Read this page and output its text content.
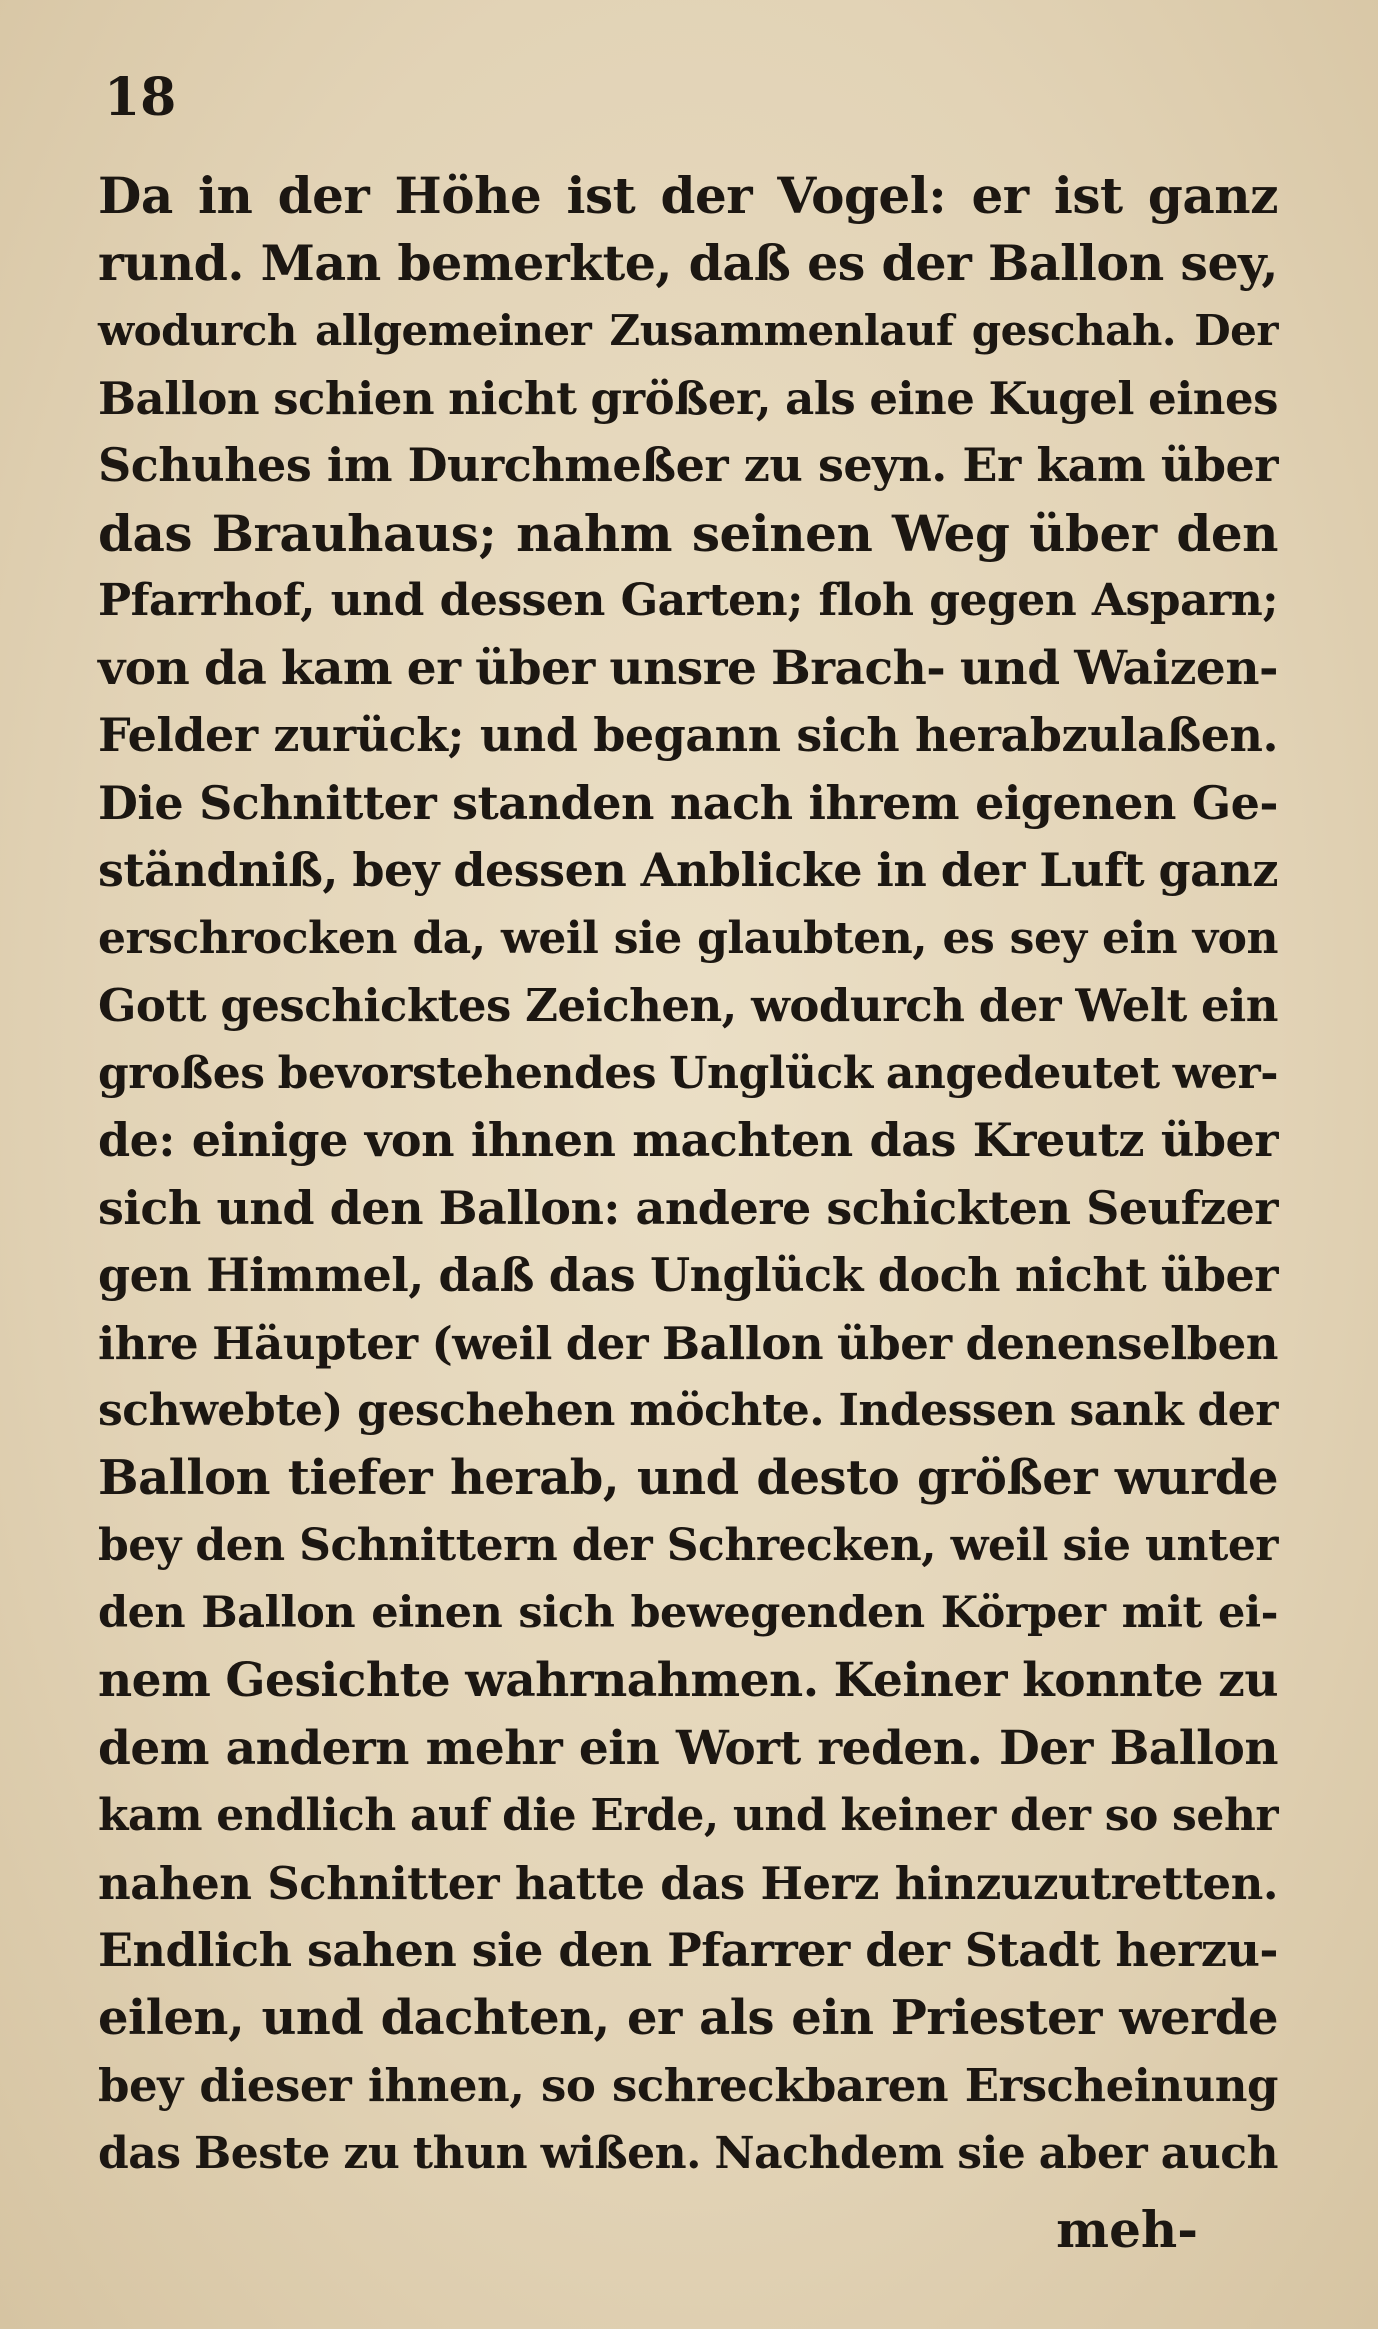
18
Da in der Höhe ist der Vogel: er ist ganz
rund. Man bemerkte, daß es der Ballon sey,
wodurch allgemeiner Zusammenlauf geschah. Der
Ballon schien nicht größer, als eine Kugel eines
Schuhes im Durchmeßer zu seyn. Er kam über
das Brauhaus; nahm seinen Weg über den
Pfarrhof, und dessen Garten; floh gegen Asparn;
von da kam er über unsre Brach- und Waizen-
Felder zurück; und begann sich herabzulaßen.
Die Schnitter standen nach ihrem eigenen Ge-
ständniß, bey dessen Anblicke in der Luft ganz
erschrocken da, weil sie glaubten, es sey ein von
Gott geschicktes Zeichen, wodurch der Welt ein
großes bevorstehendes Unglück angedeutet wer-
de: einige von ihnen machten das Kreutz über
sich und den Ballon: andere schickten Seufzer
gen Himmel, daß das Unglück doch nicht über
ihre Häupter (weil der Ballon über denenselben
schwebte) geschehen möchte. Indessen sank der
Ballon tiefer herab, und desto größer wurde
bey den Schnittern der Schrecken, weil sie unter
den Ballon einen sich bewegenden Körper mit ei-
nem Gesichte wahrnahmen. Keiner konnte zu
dem andern mehr ein Wort reden. Der Ballon
kam endlich auf die Erde, und keiner der so sehr
nahen Schnitter hatte das Herz hinzuzutretten.
Endlich sahen sie den Pfarrer der Stadt herzu-
eilen, und dachten, er als ein Priester werde
bey dieser ihnen, so schreckbaren Erscheinung
das Beste zu thun wißen. Nachdem sie aber auch
meh-
